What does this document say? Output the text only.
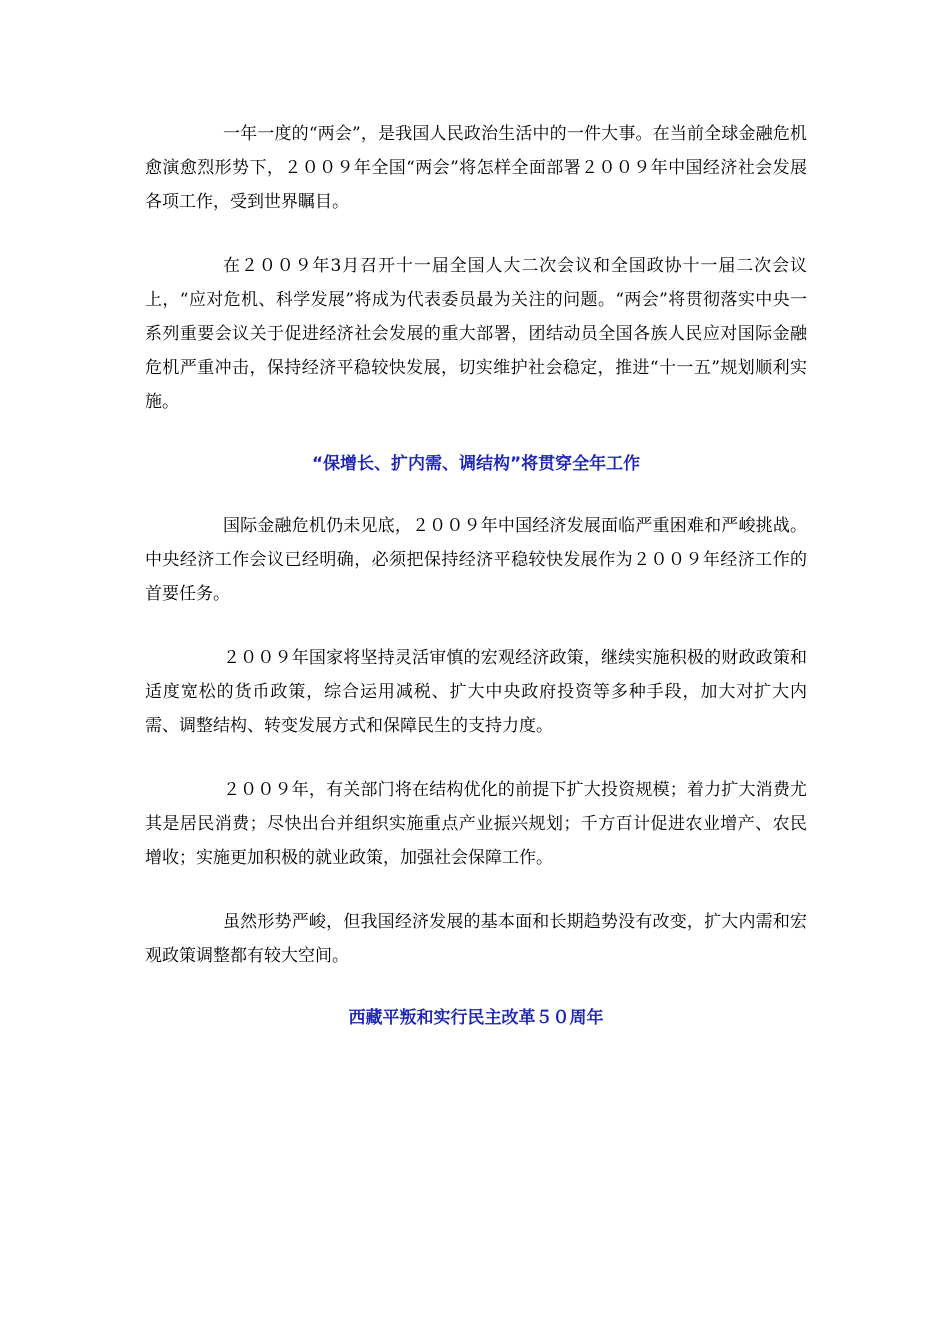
一年一度的“两会”，是我国人民政治生活中的一件大事。在当前全球金融危机愈演愈烈形势下，２００９年全国“两会”将怎样全面部署２００９年中国经济社会发展各项工作，受到世界瞩目。

在２００９年3月召开十一届全国人大二次会议和全国政协十一届二次会议上，“应对危机、科学发展”将成为代表委员最为关注的问题。“两会”将贯彻落实中央一系列重要会议关于促进经济社会发展的重大部署，团结动员全国各族人民应对国际金融危机严重冲击，保持经济平稳较快发展，切实维护社会稳定，推进“十一五”规划顺利实施。

“保增长、扩内需、调结构”将贯穿全年工作

国际金融危机仍未见底，２００９年中国经济发展面临严重困难和严峻挑战。中央经济工作会议已经明确，必须把保持经济平稳较快发展作为２００９年经济工作的首要任务。

２００９年国家将坚持灵活审慎的宏观经济政策，继续实施积极的财政政策和适度宽松的货币政策，综合运用减税、扩大中央政府投资等多种手段，加大对扩大内需、调整结构、转变发展方式和保障民生的支持力度。

２００９年，有关部门将在结构优化的前提下扩大投资规模；着力扩大消费尤其是居民消费；尽快出台并组织实施重点产业振兴规划；千方百计促进农业增产、农民增收；实施更加积极的就业政策，加强社会保障工作。

虽然形势严峻，但我国经济发展的基本面和长期趋势没有改变，扩大内需和宏观政策调整都有较大空间。

西藏平叛和实行民主改革５０周年
